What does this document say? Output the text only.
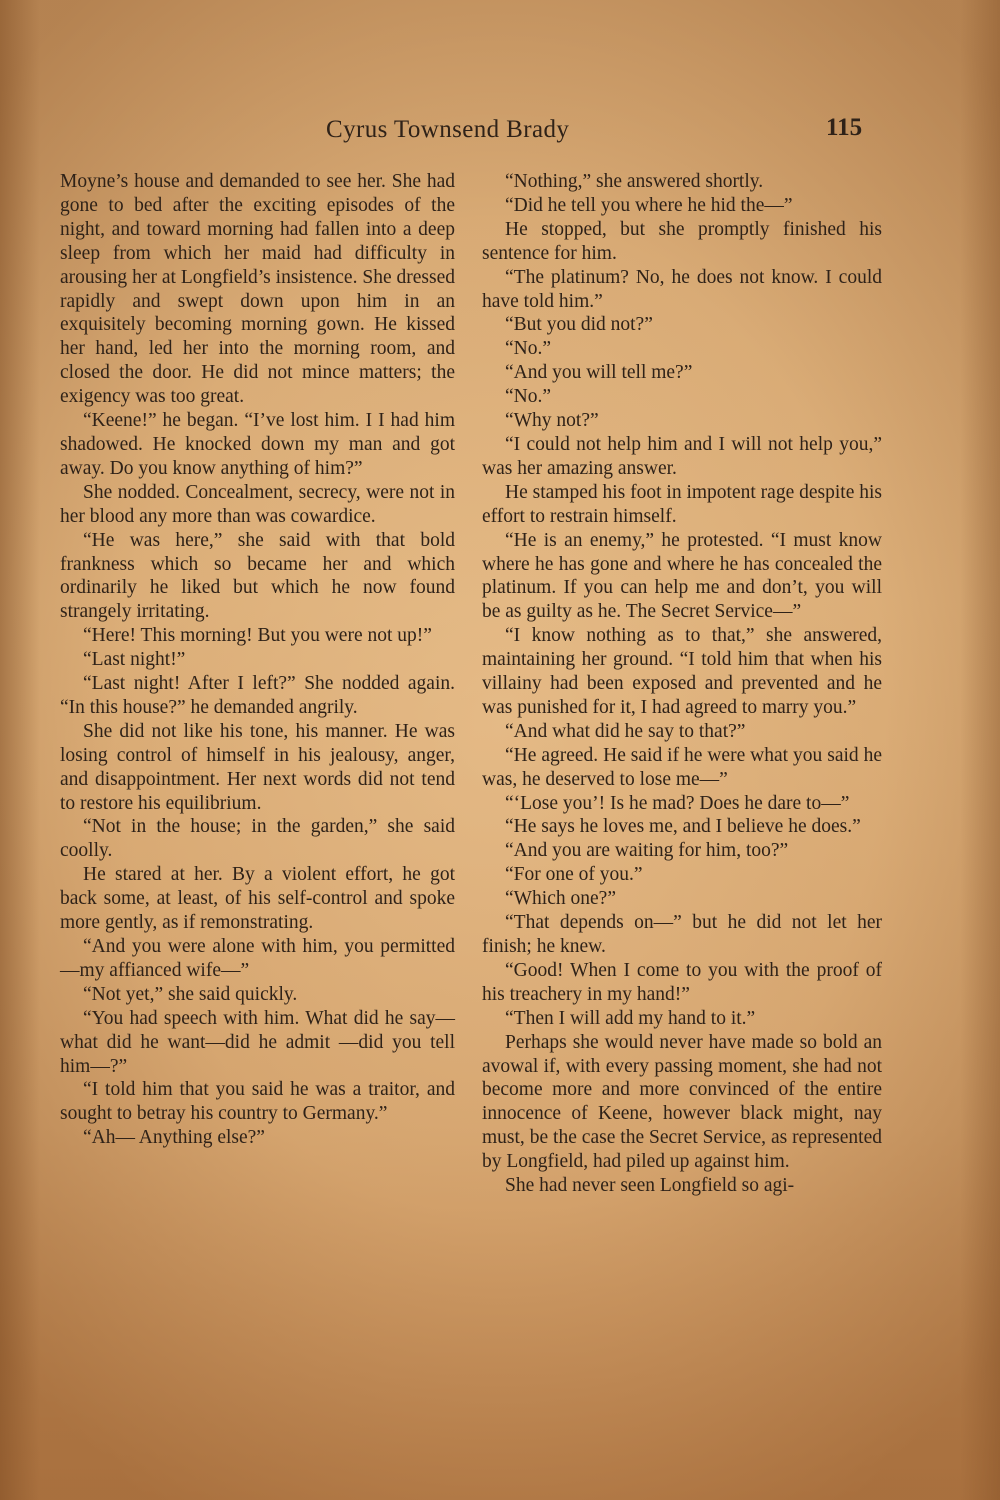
Cyrus Townsend Brady	115

Moyne’s house and demanded to see her. She had gone to bed after the exciting episodes of the night, and toward morning had fallen into a deep sleep from which her maid had difficulty in arousing her at Longfield’s insistence. She dressed rapidly and swept down upon him in an exquisitely becoming morning gown. He kissed her hand, led her into the morning room, and closed the door. He did not mince matters; the exigency was too great.

“Keene!” he began. “I’ve lost him. I I had him shadowed. He knocked down my man and got away. Do you know anything of him?”

She nodded. Concealment, secrecy, were not in her blood any more than was cowardice.

“He was here,” she said with that bold frankness which so became her and which ordinarily he liked but which he now found strangely irritating.

“Here! This morning! But you were not up!”

“Last night!”

“Last night! After I left?” She nodded again. “In this house?” he demanded angrily.

She did not like his tone, his manner. He was losing control of himself in his jealousy, anger, and disappointment. Her next words did not tend to restore his equilibrium.

“Not in the house; in the garden,” she said coolly.

He stared at her. By a violent effort, he got back some, at least, of his self-control and spoke more gently, as if remonstrating.

“And you were alone with him, you permitted—my affianced wife—”

“Not yet,” she said quickly.

“You had speech with him. What did he say—what did he want—did he admit —did you tell him—?”

“I told him that you said he was a traitor, and sought to betray his country to Germany.”

“Ah— Anything else?”

“Nothing,” she answered shortly.

“Did he tell you where he hid the—”

He stopped, but she promptly finished his sentence for him.

“The platinum? No, he does not know. I could have told him.”

“But you did not?”

“No.”

“And you will tell me?”

“No.”

“Why not?”

“I could not help him and I will not help you,” was her amazing answer.

He stamped his foot in impotent rage despite his effort to restrain himself.

“He is an enemy,” he protested. “I must know where he has gone and where he has concealed the platinum. If you can help me and don’t, you will be as guilty as he. The Secret Service—”

“I know nothing as to that,” she answered, maintaining her ground. “I told him that when his villainy had been exposed and prevented and he was punished for it, I had agreed to marry you.”

“And what did he say to that?”

“He agreed. He said if he were what you said he was, he deserved to lose me—”

“‘Lose you’! Is he mad? Does he dare to—”

“He says he loves me, and I believe he does.”

“And you are waiting for him, too?”

“For one of you.”

“Which one?”

“That depends on—” but he did not let her finish; he knew.

“Good! When I come to you with the proof of his treachery in my hand!”

“Then I will add my hand to it.”

Perhaps she would never have made so bold an avowal if, with every passing moment, she had not become more and more convinced of the entire innocence of Keene, however black might, nay must, be the case the Secret Service, as represented by Longfield, had piled up against him.

She had never seen Longfield so agi-
